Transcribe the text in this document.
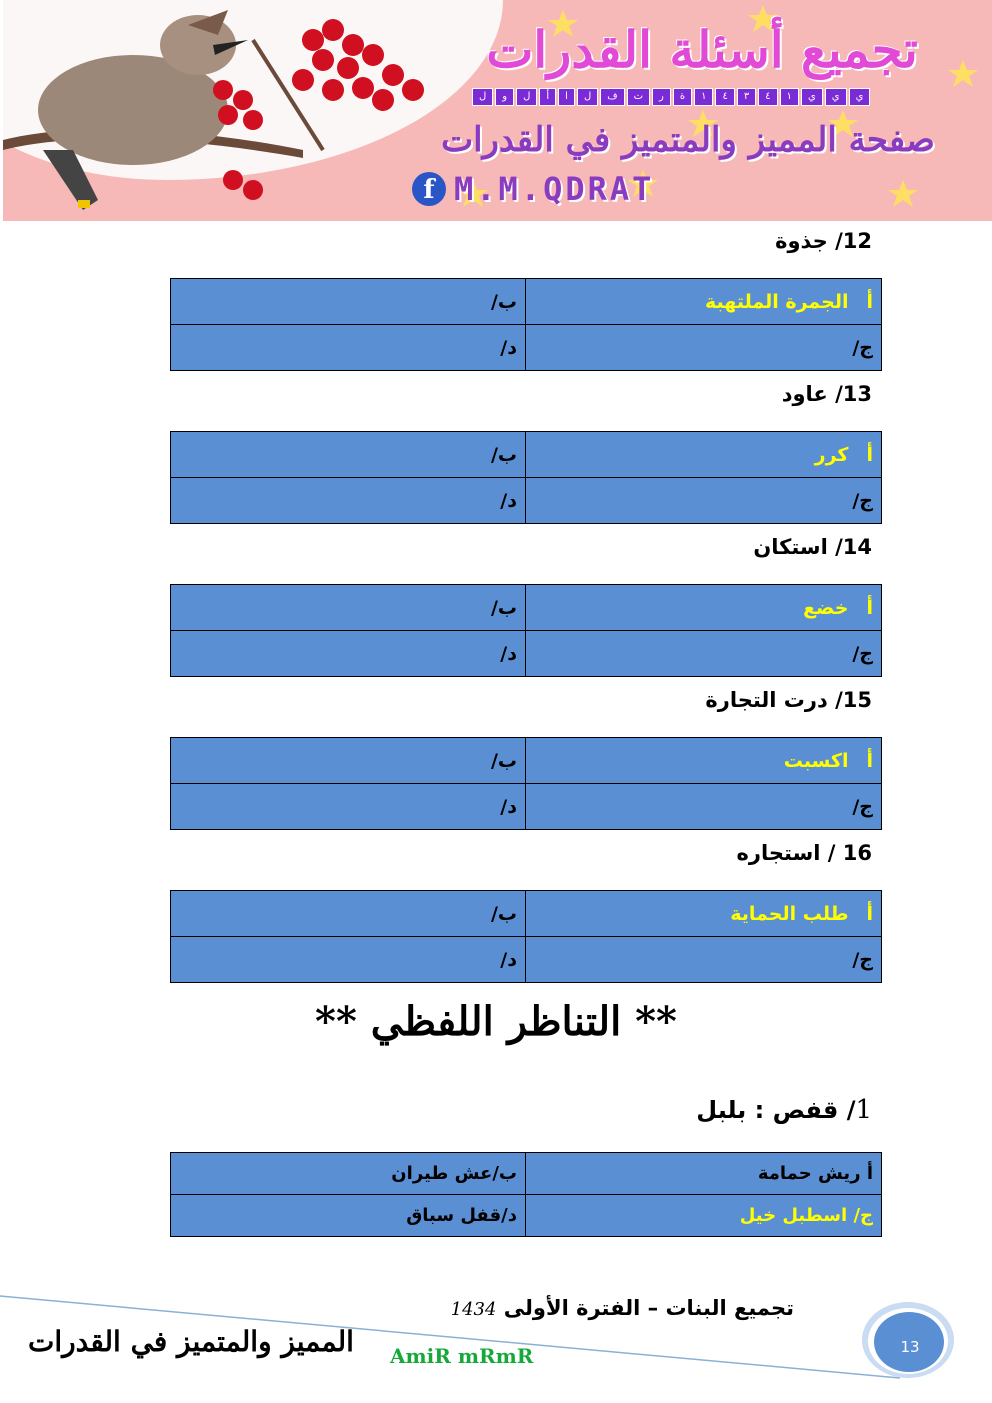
تجميع أسئلة القدرات
ي
ي
ي
١
٤
٣
٤
١
ة
ر
ت
ف
ل
ا
أ
ل
و
ل
صفحة المميز والمتميز في القدرات
f M.M.QDRAT
12/ جذوة
أالجمرة الملتهبة	ب/
ج/	د/
13/ عاود
أكرر	ب/
ج/	د/
14/ استكان
أخضع	ب/
ج/	د/
15/ درت التجارة
أاكسبت	ب/
ج/	د/
16 / استجاره
أطلب الحماية	ب/
ج/	د/
** التناظر اللفظي **
1/ قفص : بلبل
أ ريش حمامة	ب/عش طيران
ج/ اسطبل خيل	د/قفل سباق
تجميع البنات – الفترة الأولى 1434
المميز والمتميز في القدرات AmiR mRmR	13
